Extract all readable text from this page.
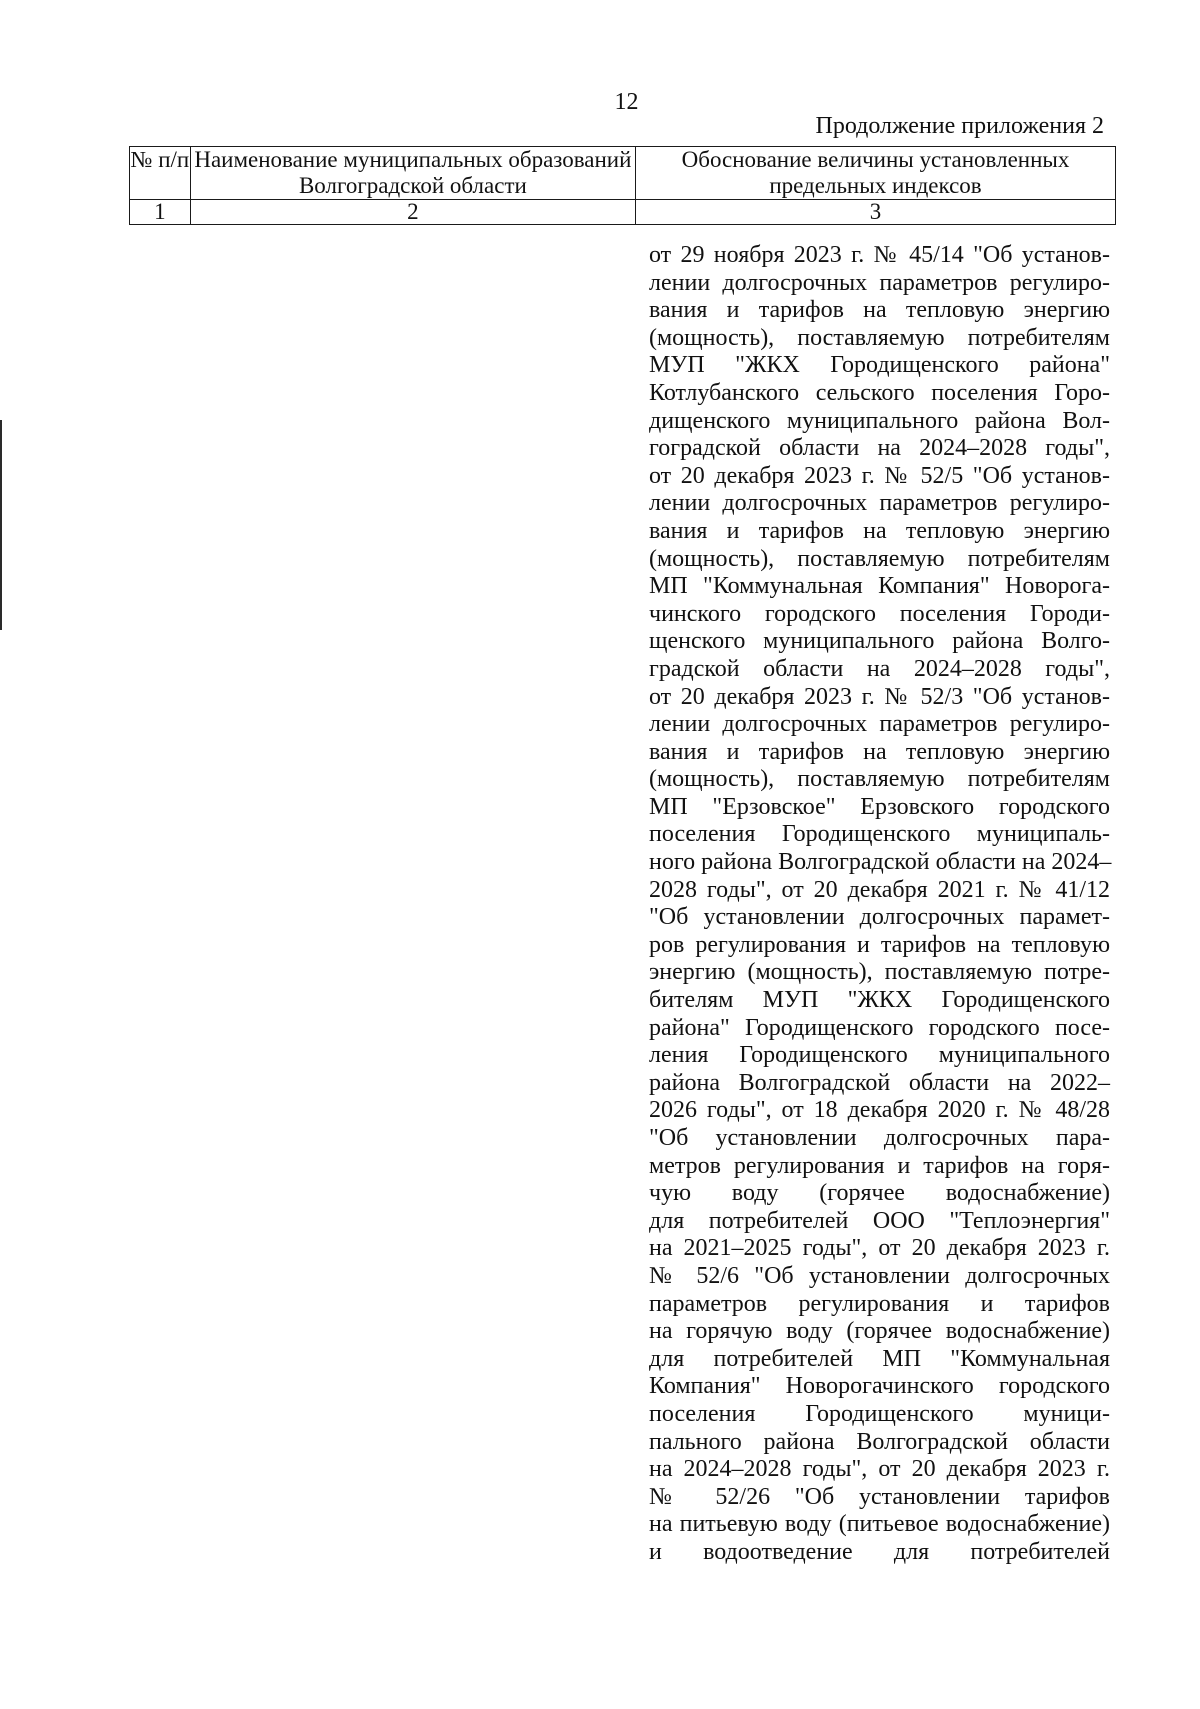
12
Продолжение приложения 2
№ п/п	Наименование муниципальных образований Волгоградской области	Обоснование величины установленных предельных индексов
1	2	3
от 29 ноября 2023 г. № 45/14 "Об установ-
лении долгосрочных параметров регулиро-
вания и тарифов на тепловую энергию
(мощность), поставляемую потребителям
МУП "ЖКХ Городищенского района"
Котлубанского сельского поселения Горо-
дищенского муниципального района Вол-
гоградской области на 2024–2028 годы",
от 20 декабря 2023 г. № 52/5 "Об установ-
лении долгосрочных параметров регулиро-
вания и тарифов на тепловую энергию
(мощность), поставляемую потребителям
МП "Коммунальная Компания" Новорога-
чинского городского поселения Городи-
щенского муниципального района Волго-
градской области на 2024–2028 годы",
от 20 декабря 2023 г. № 52/3 "Об установ-
лении долгосрочных параметров регулиро-
вания и тарифов на тепловую энергию
(мощность), поставляемую потребителям
МП "Ерзовское" Ерзовского городского
поселения Городищенского муниципаль-
ного района Волгоградской области на 2024–
2028 годы", от 20 декабря 2021 г. № 41/12
"Об установлении долгосрочных парамет-
ров регулирования и тарифов на тепловую
энергию (мощность), поставляемую потре-
бителям МУП "ЖКХ Городищенского
района" Городищенского городского посе-
ления Городищенского муниципального
района Волгоградской области на 2022–
2026 годы", от 18 декабря 2020 г. № 48/28
"Об установлении долгосрочных пара-
метров регулирования и тарифов на горя-
чую воду (горячее водоснабжение)
для потребителей ООО "Теплоэнергия"
на 2021–2025 годы", от 20 декабря 2023 г.
№ 52/6 "Об установлении долгосрочных
параметров регулирования и тарифов
на горячую воду (горячее водоснабжение)
для потребителей МП "Коммунальная
Компания" Новорогачинского городского
поселения Городищенского муници-
пального района Волгоградской области
на 2024–2028 годы", от 20 декабря 2023 г.
№ 52/26 "Об установлении тарифов
на питьевую воду (питьевое водоснабжение)
и водоотведение для потребителей
